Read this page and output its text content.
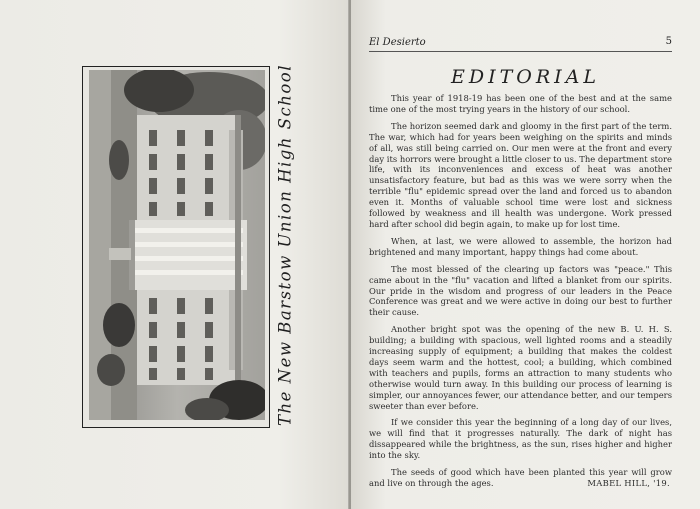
The New Barstow Union High School
El Desierto	5
EDITORIAL

This year of 1918-19 has been one of the best and at the same time one of the most trying years in the history of our school.

The horizon seemed dark and gloomy in the first part of the term. The war, which had for years been weighing on the spirits and minds of all, was still being carried on. Our men were at the front and every day its horrors were brought a little closer to us. The department store life, with its inconveniences and excess of heat was another unsatisfactory feature, but bad as this was we were sorry when the terrible "flu" epidemic spread over the land and forced us to abandon even it. Months of valuable school time were lost and sickness followed by weakness and ill health was undergone. Work pressed hard after school did begin again, to make up for lost time.

When, at last, we were allowed to assemble, the horizon had brightened and many important, happy things had come about.

The most blessed of the clearing up factors was "peace." This came about in the "flu" vacation and lifted a blanket from our spirits. Our pride in the wisdom and progress of our leaders in the Peace Conference was great and we were active in doing our best to further their cause.

Another bright spot was the opening of the new B. U. H. S. building; a building with spacious, well lighted rooms and a steadily increasing supply of equipment; a building that makes the coldest days seem warm and the hottest, cool; a building, which combined with teachers and pupils, forms an attraction to many students who otherwise would turn away. In this building our process of learning is simpler, our annoyances fewer, our attendance better, and our tempers sweeter than ever before.

If we consider this year the beginning of a long day of our lives, we will find that it progresses naturally. The dark of night has dissappeared while the brightness, as the sun, rises higher and higher into the sky.

The seeds of good which have been planted this year will grow and live on through the ages.	MABEL HILL, '19.
